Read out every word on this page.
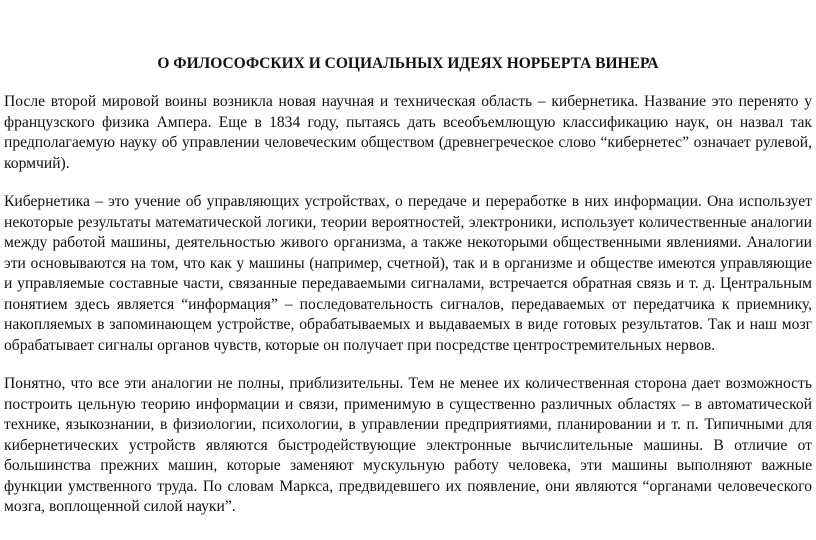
О ФИЛОСОФСКИХ И СОЦИАЛЬНЫХ ИДЕЯХ НОРБЕРТА ВИНЕРА

После второй мировой воины возникла новая научная и техническая область – кибернетика. Название это перенято у французского физика Ампера. Еще в 1834 году, пытаясь дать всеобъемлющую классификацию наук, он назвал так предполагаемую науку об управлении человеческим обществом (древнегреческое слово “кибернетес” означает рулевой, кормчий).

Кибернетика – это учение об управляющих устройствах, о передаче и переработке в них информации. Она использует некоторые результаты математической логики, теории вероятностей, электроники, использует количественные аналогии между работой машины, деятельностью живого организма, а также некоторыми общественными явлениями. Аналогии эти основываются на том, что как у машины (например, счетной), так и в организме и обществе имеются управляющие и управляемые составные части, связанные передаваемыми сигналами, встречается обратная связь и т. д. Центральным понятием здесь является “информация” – последовательность сигналов, передаваемых от передатчика к приемнику, накопляемых в запоминающем устройстве, обрабатываемых и выдаваемых в виде готовых результатов. Так и наш мозг обрабатывает сигналы органов чувств, которые он получает при посредстве центростремительных нервов.

Понятно, что все эти аналогии не полны, приблизительны. Тем не менее их количественная сторона дает возможность построить цельную теорию информации и связи, применимую в существенно различных областях – в автоматической технике, языкознании, в физиологии, психологии, в управлении предприятиями, планировании и т. п. Типичными для кибернетических устройств являются быстродействующие электронные вычислительные машины. В отличие от большинства прежних машин, которые заменяют мускульную работу человека, эти машины выполняют важные функции умственного труда. По словам Маркса, предвидевшего их появление, они являются “органами человеческого мозга, воплощенной силой науки”.
